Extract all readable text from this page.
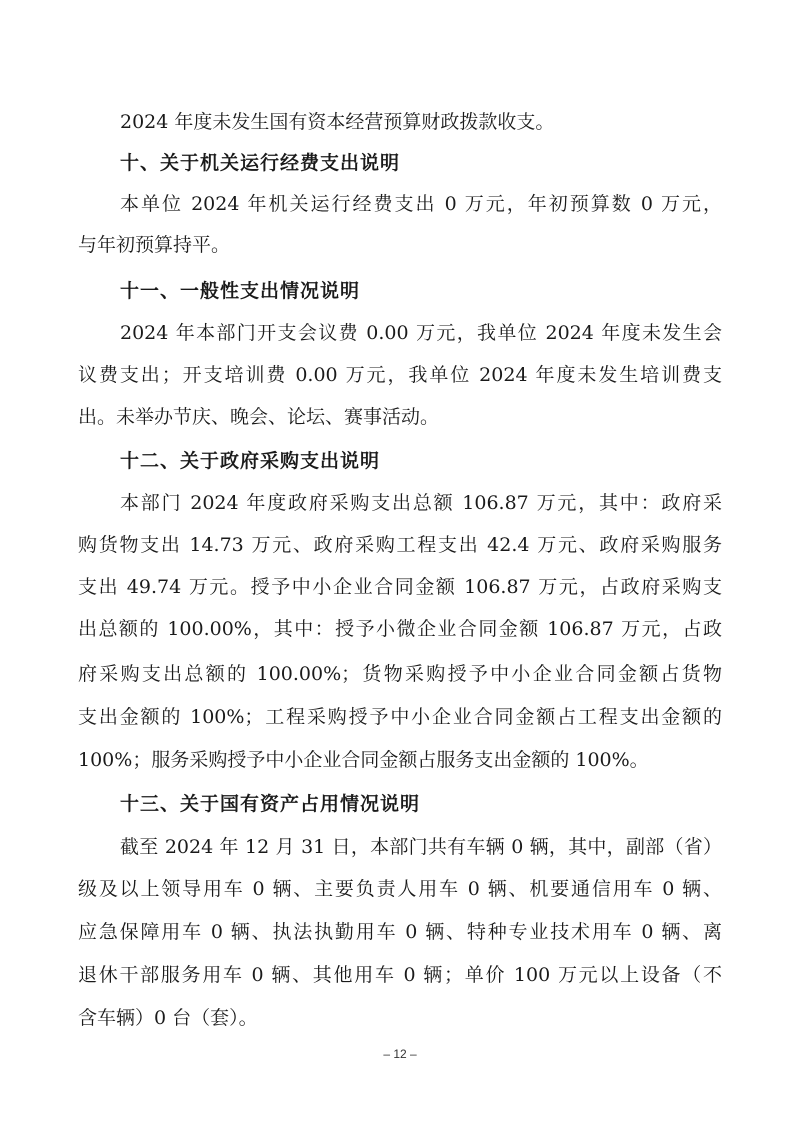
2024 年度未发生国有资本经营预算财政拨款收支。
十、关于机关运行经费支出说明
本单位 2024 年机关运行经费支出 0 万元，年初预算数 0 万元，
与年初预算持平。
十一、一般性支出情况说明
2024 年本部门开支会议费 0.00 万元，我单位 2024 年度未发生会
议费支出；开支培训费 0.00 万元，我单位 2024 年度未发生培训费支
出。未举办节庆、晚会、论坛、赛事活动。
十二、关于政府采购支出说明
本部门 2024 年度政府采购支出总额 106.87 万元，其中：政府采
购货物支出 14.73 万元、政府采购工程支出 42.4 万元、政府采购服务
支出 49.74 万元。授予中小企业合同金额 106.87 万元，占政府采购支
出总额的 100.00%，其中：授予小微企业合同金额 106.87 万元，占政
府采购支出总额的 100.00%；货物采购授予中小企业合同金额占货物
支出金额的 100%；工程采购授予中小企业合同金额占工程支出金额的
100%；服务采购授予中小企业合同金额占服务支出金额的 100%。
十三、关于国有资产占用情况说明
截至 2024 年 12 月 31 日，本部门共有车辆 0 辆，其中，副部（省）
级及以上领导用车 0 辆、主要负责人用车 0 辆、机要通信用车 0 辆、
应急保障用车 0 辆、执法执勤用车 0 辆、特种专业技术用车 0 辆、离
退休干部服务用车 0 辆、其他用车 0 辆；单价 100 万元以上设备（不
含车辆）0 台（套）。
– 12 –
